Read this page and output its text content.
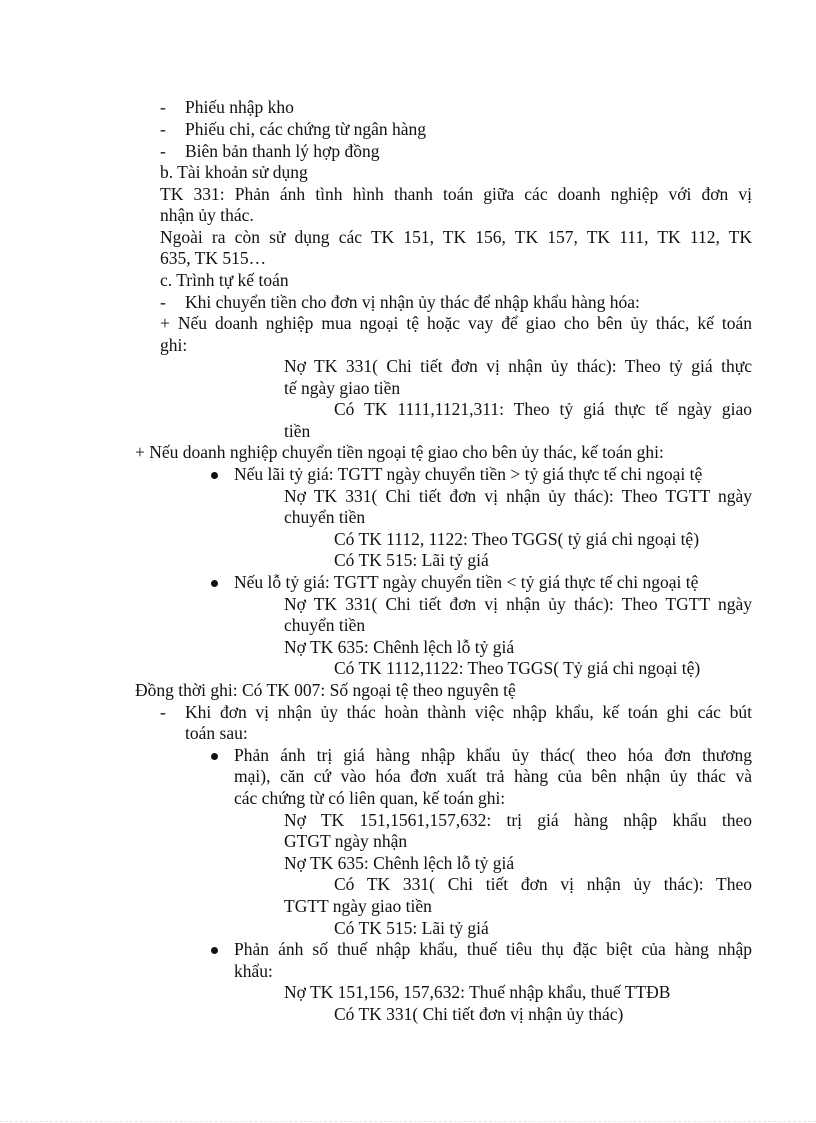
- Phiếu nhập kho
- Phiếu chi, các chứng từ ngân hàng
- Biên bản thanh lý hợp đồng
b. Tài khoản sử dụng
TK 331: Phản ánh tình hình thanh toán giữa các doanh nghiệp với đơn vị
nhận ủy thác.
Ngoài ra còn sử dụng các TK 151, TK 156, TK 157, TK 111, TK 112, TK
635, TK 515…
c. Trình tự kế toán
- Khi chuyển tiền cho đơn vị nhận ủy thác để nhập khẩu hàng hóa:
+ Nếu doanh nghiệp mua ngoại tệ hoặc vay để giao cho bên ủy thác, kế toán
ghi:
Nợ TK 331( Chi tiết đơn vị nhận ủy thác): Theo tỷ giá thực
tế ngày giao tiền
Có TK 1111,1121,311: Theo tỷ giá thực tế ngày giao
tiền
+ Nếu doanh nghiệp chuyển tiền ngoại tệ giao cho bên ủy thác, kế toán ghi:
Nếu lãi tỷ giá: TGTT ngày chuyển tiền > tỷ giá thực tế chi ngoại tệ
Nợ TK 331( Chi tiết đơn vị nhận ủy thác): Theo TGTT ngày
chuyển tiền
Có TK 1112, 1122: Theo TGGS( tỷ giá chi ngoại tệ)
Có TK 515: Lãi tỷ giá
Nếu lỗ tỷ giá: TGTT ngày chuyển tiền < tỷ giá thực tế chi ngoại tệ
Nợ TK 331( Chi tiết đơn vị nhận ủy thác): Theo TGTT ngày
chuyển tiền
Nợ TK 635: Chênh lệch lỗ tỷ giá
Có TK 1112,1122: Theo TGGS( Tỷ giá chi ngoại tệ)
Đồng thời ghi: Có TK 007: Số ngoại tệ theo nguyên tệ
- Khi đơn vị nhận ủy thác hoàn thành việc nhập khẩu, kế toán ghi các bút
toán sau:
Phản ánh trị giá hàng nhập khẩu ủy thác( theo hóa đơn thương
mại), căn cứ vào hóa đơn xuất trả hàng của bên nhận ủy thác và
các chứng từ có liên quan, kế toán ghi:
Nợ TK 151,1561,157,632: trị giá hàng nhập khẩu theo
GTGT ngày nhận
Nợ TK 635: Chênh lệch lỗ tỷ giá
Có TK 331( Chi tiết đơn vị nhận ủy thác): Theo
TGTT ngày giao tiền
Có TK 515: Lãi tỷ giá
Phản ánh số thuế nhập khẩu, thuế tiêu thụ đặc biệt của hàng nhập
khẩu:
Nợ TK 151,156, 157,632: Thuế nhập khẩu, thuế TTĐB
Có TK 331( Chi tiết đơn vị nhận ủy thác)
